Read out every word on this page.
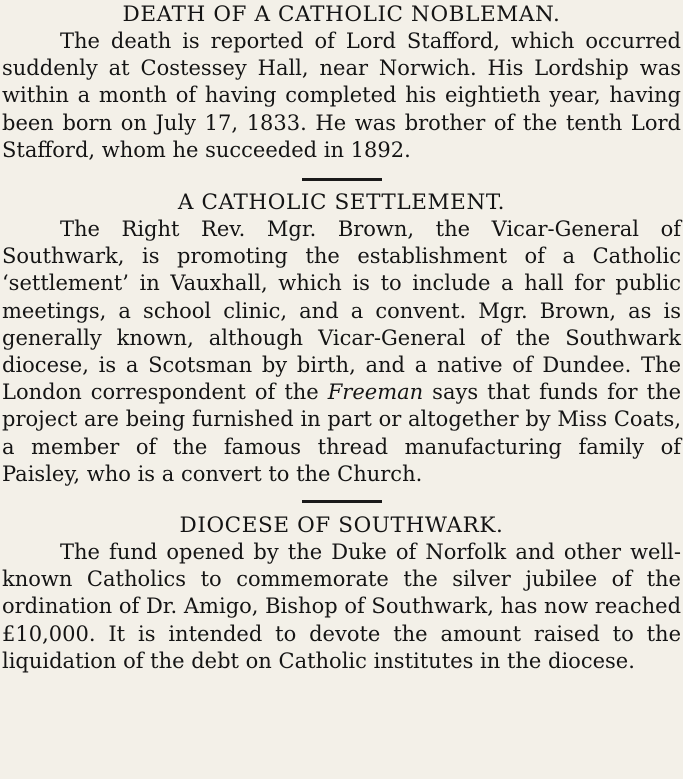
DEATH OF A CATHOLIC NOBLEMAN.

The death is reported of Lord Stafford, which occurred suddenly at Costessey Hall, near Norwich. His Lordship was within a month of having completed his eightieth year, having been born on July 17, 1833. He was brother of the tenth Lord Stafford, whom he succeeded in 1892.

A CATHOLIC SETTLEMENT.

The Right Rev. Mgr. Brown, the Vicar-General of Southwark, is promoting the establishment of a Catholic ‘settlement’ in Vauxhall, which is to include a hall for public meetings, a school clinic, and a convent. Mgr. Brown, as is generally known, although Vicar-General of the Southwark diocese, is a Scotsman by birth, and a native of Dundee. The London correspondent of the Freeman says that funds for the project are being furnished in part or altogether by Miss Coats, a member of the famous thread manufacturing family of Paisley, who is a convert to the Church.

DIOCESE OF SOUTHWARK.

The fund opened by the Duke of Norfolk and other well-known Catholics to commemorate the silver jubilee of the ordination of Dr. Amigo, Bishop of Southwark, has now reached £10,000. It is intended to devote the amount raised to the liquidation of the debt on Catholic institutes in the diocese.
